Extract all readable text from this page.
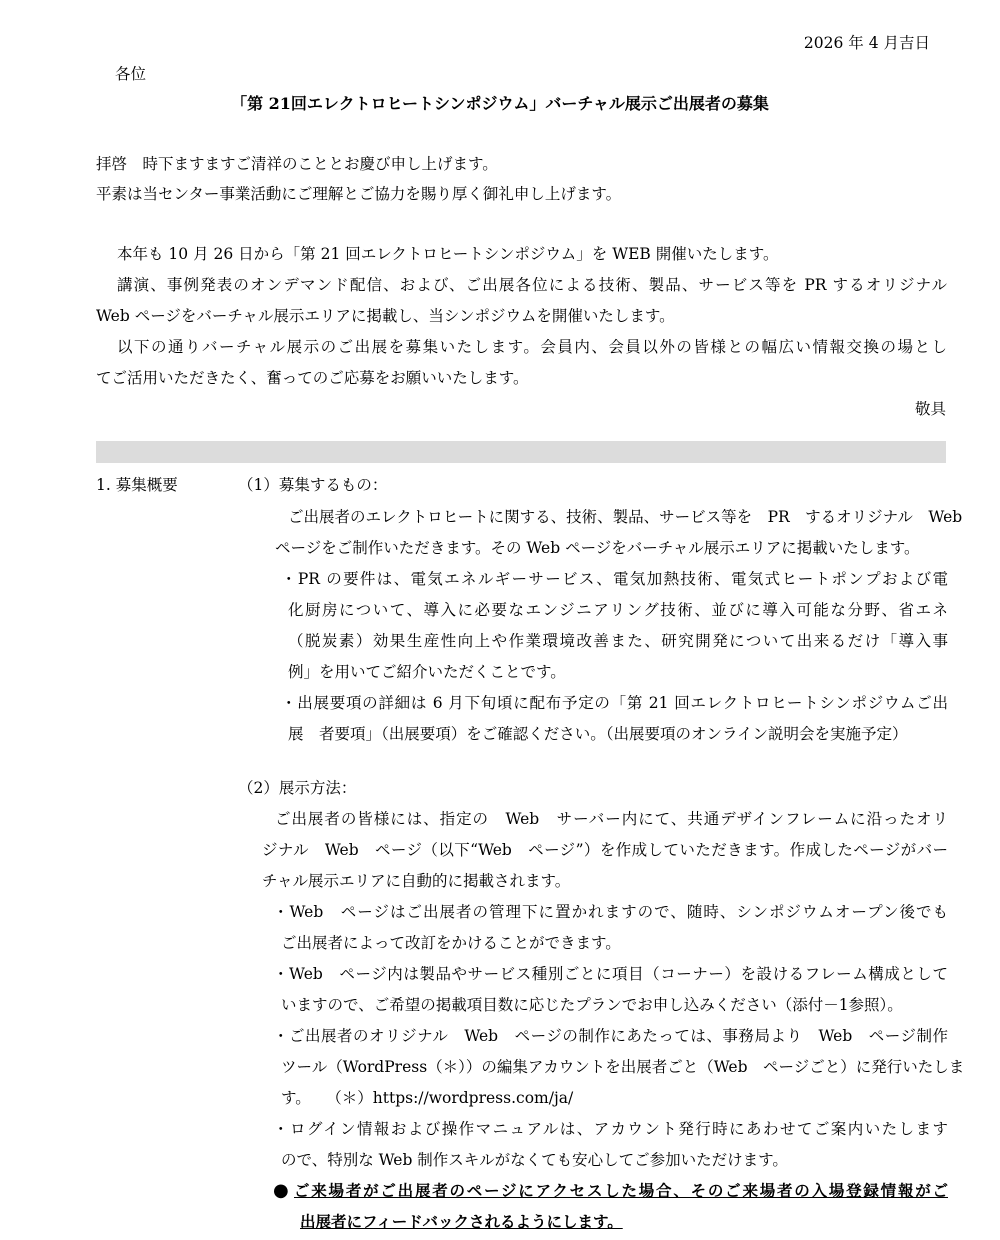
2026 年 4 月吉日
各位
「第 21回エレクトロヒートシンポジウム」バーチャル展示ご出展者の募集
拝啓　時下ますますご清祥のこととお慶び申し上げます。
平素は当センター事業活動にご理解とご協力を賜り厚く御礼申し上げます。
本年も 10 月 26 日から「第 21 回エレクトロヒートシンポジウム」を WEB 開催いたします。
講演、事例発表のオンデマンド配信、および、ご出展各位による技術、製品、サービス等を PR するオリジナル
Web ページをバーチャル展示エリアに掲載し、当シンポジウムを開催いたします。
以下の通りバーチャル展示のご出展を募集いたします。会員内、会員以外の皆様との幅広い情報交換の場とし
てご活用いただきたく、奮ってのご応募をお願いいたします。
敬具
1. 募集概要	（1）募集するもの：
ご出展者のエレクトロヒートに関する、技術、製品、サービス等を　PR　するオリジナル　Web
ページをご制作いただきます。その Web ページをバーチャル展示エリアに掲載いたします。
・PR の要件は、電気エネルギーサービス、電気加熱技術、電気式ヒートポンプおよび電
化厨房について、導入に必要なエンジニアリング技術、並びに導入可能な分野、省エネ
（脱炭素）効果生産性向上や作業環境改善また、研究開発について出来るだけ「導入事
例」を用いてご紹介いただくことです。
・出展要項の詳細は 6 月下旬頃に配布予定の「第 21 回エレクトロヒートシンポジウムご出
展　者要項」（出展要項）をご確認ください。（出展要項のオンライン説明会を実施予定）
（2）展示方法：
ご出展者の皆様には、指定の　Web　サーバー内にて、共通デザインフレームに沿ったオリ
ジナル　Web　ページ（以下“Web　ページ”）を作成していただきます。作成したページがバー
チャル展示エリアに自動的に掲載されます。
・Web　ページはご出展者の管理下に置かれますので、随時、シンポジウムオープン後でも
ご出展者によって改訂をかけることができます。
・Web　ページ内は製品やサービス種別ごとに項目（コーナー）を設けるフレーム構成として
いますので、ご希望の掲載項目数に応じたプランでお申し込みください（添付－1参照）。
・ご出展者のオリジナル　Web　ページの制作にあたっては、事務局より　Web　ページ制作
ツール（WordPress（＊））の編集アカウントを出展者ごと（Web　ページごと）に発行いたしま
す。　　（＊）https://wordpress.com/ja/
・ログイン情報および操作マニュアルは、アカウント発行時にあわせてご案内いたします
ので、特別な Web 制作スキルがなくても安心してご参加いただけます。
● ご来場者がご出展者のページにアクセスした場合、そのご来場者の入場登録情報がご
出展者にフィードバックされるようにします。
